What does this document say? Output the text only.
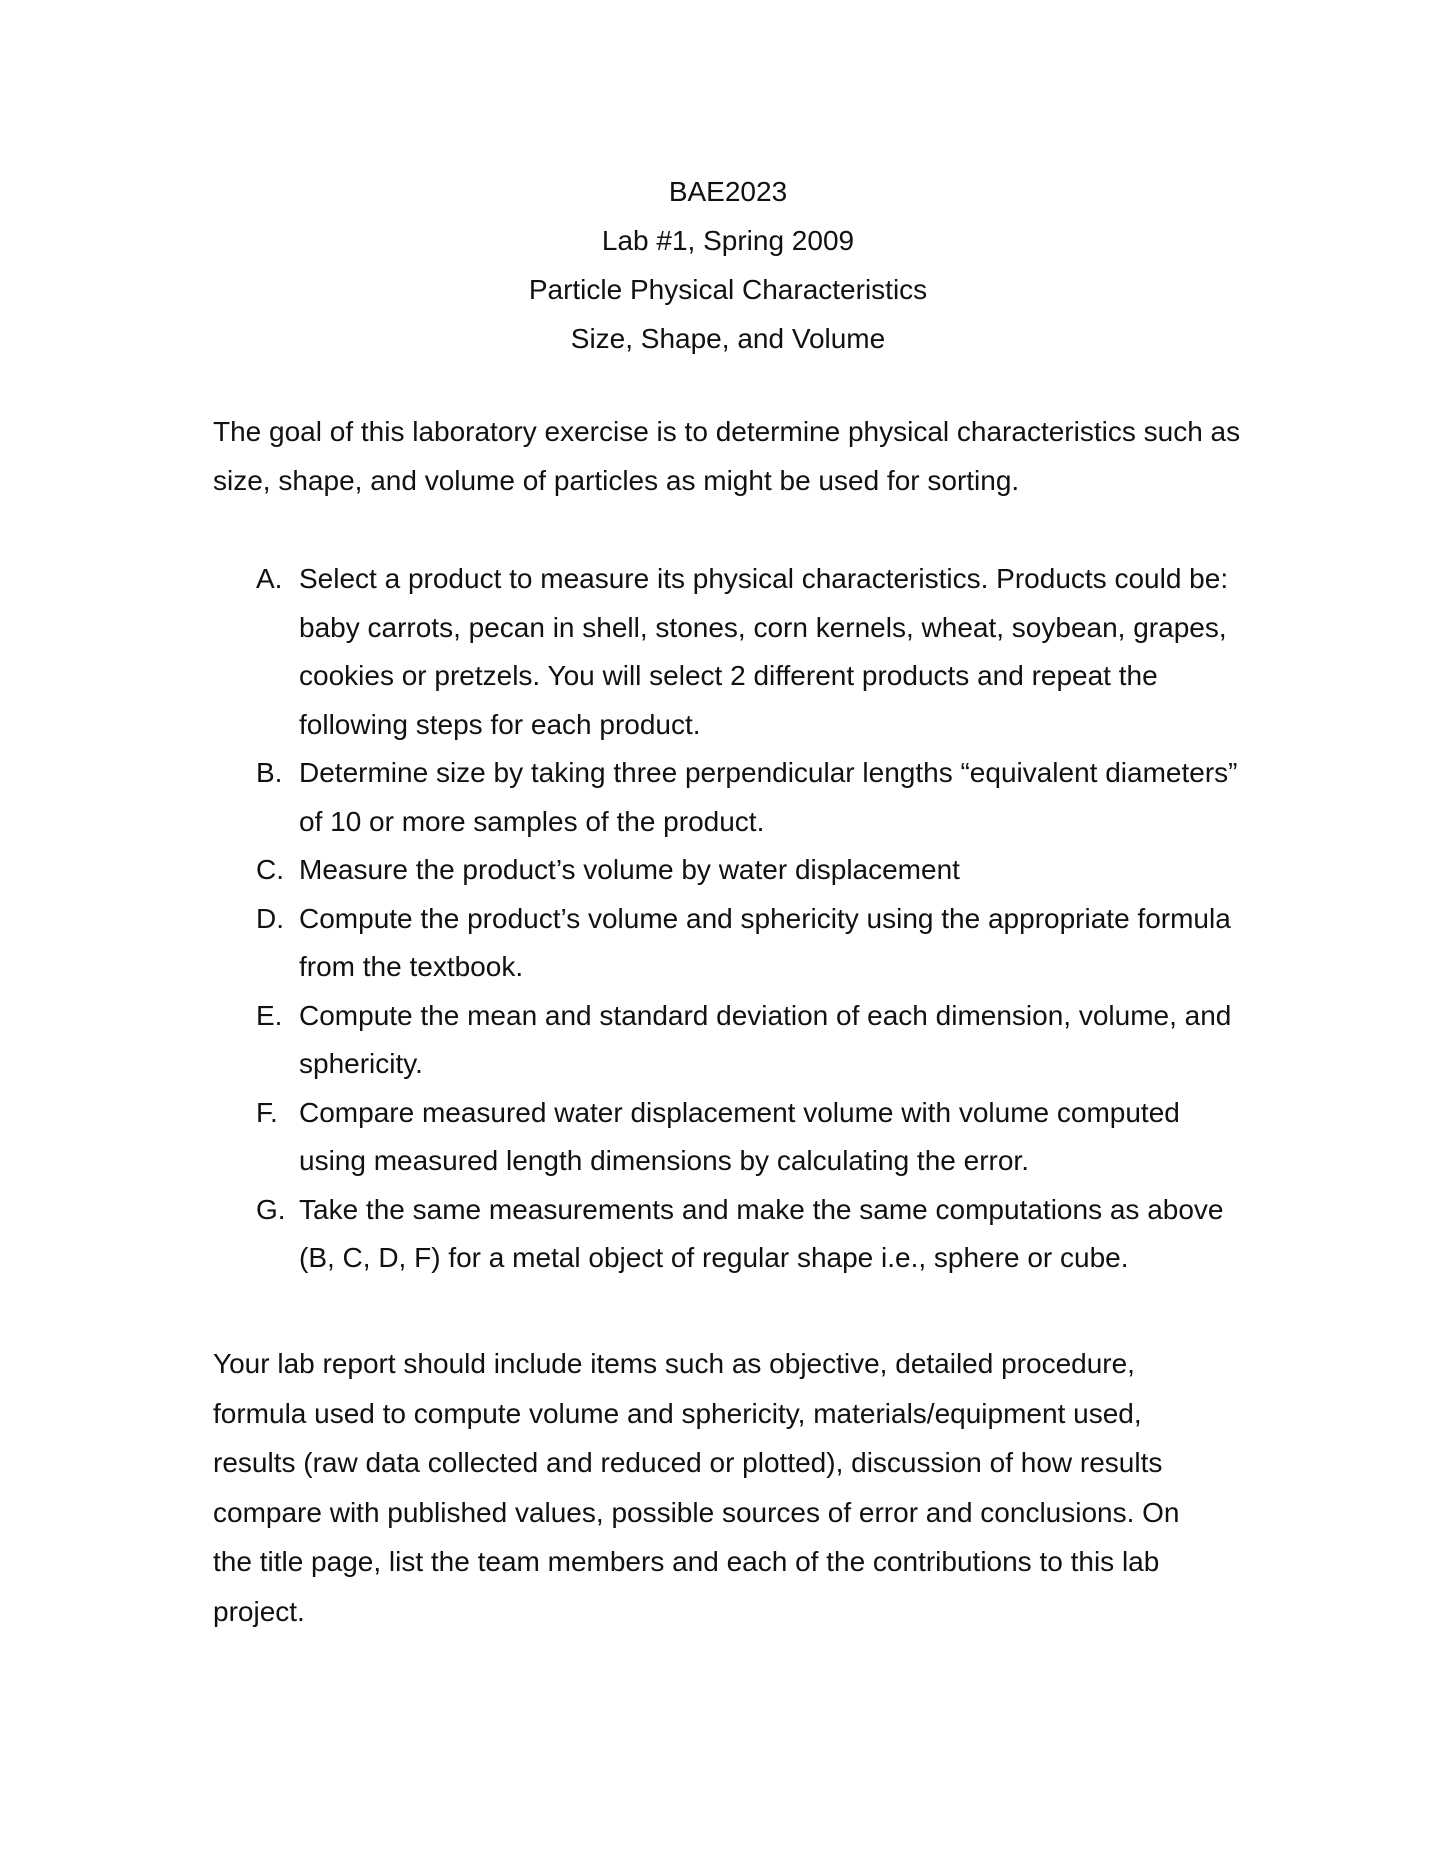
BAE2023
Lab #1, Spring 2009
Particle Physical Characteristics
Size, Shape, and Volume

The goal of this laboratory exercise is to determine physical characteristics such as size, shape, and volume of particles as might be used for sorting.

A. Select a product to measure its physical characteristics. Products could be: baby carrots, pecan in shell, stones, corn kernels, wheat, soybean, grapes, cookies or pretzels. You will select 2 different products and repeat the following steps for each product.
B. Determine size by taking three perpendicular lengths “equivalent diameters” of 10 or more samples of the product.
C. Measure the product’s volume by water displacement
D. Compute the product’s volume and sphericity using the appropriate formula from the textbook.
E. Compute the mean and standard deviation of each dimension, volume, and sphericity.
F. Compare measured water displacement volume with volume computed using measured length dimensions by calculating the error.
G. Take the same measurements and make the same computations as above (B, C, D, F) for a metal object of regular shape i.e., sphere or cube.

Your lab report should include items such as objective, detailed procedure, formula used to compute volume and sphericity, materials/equipment used, results (raw data collected and reduced or plotted), discussion of how results compare with published values, possible sources of error and conclusions. On the title page, list the team members and each of the contributions to this lab project.
